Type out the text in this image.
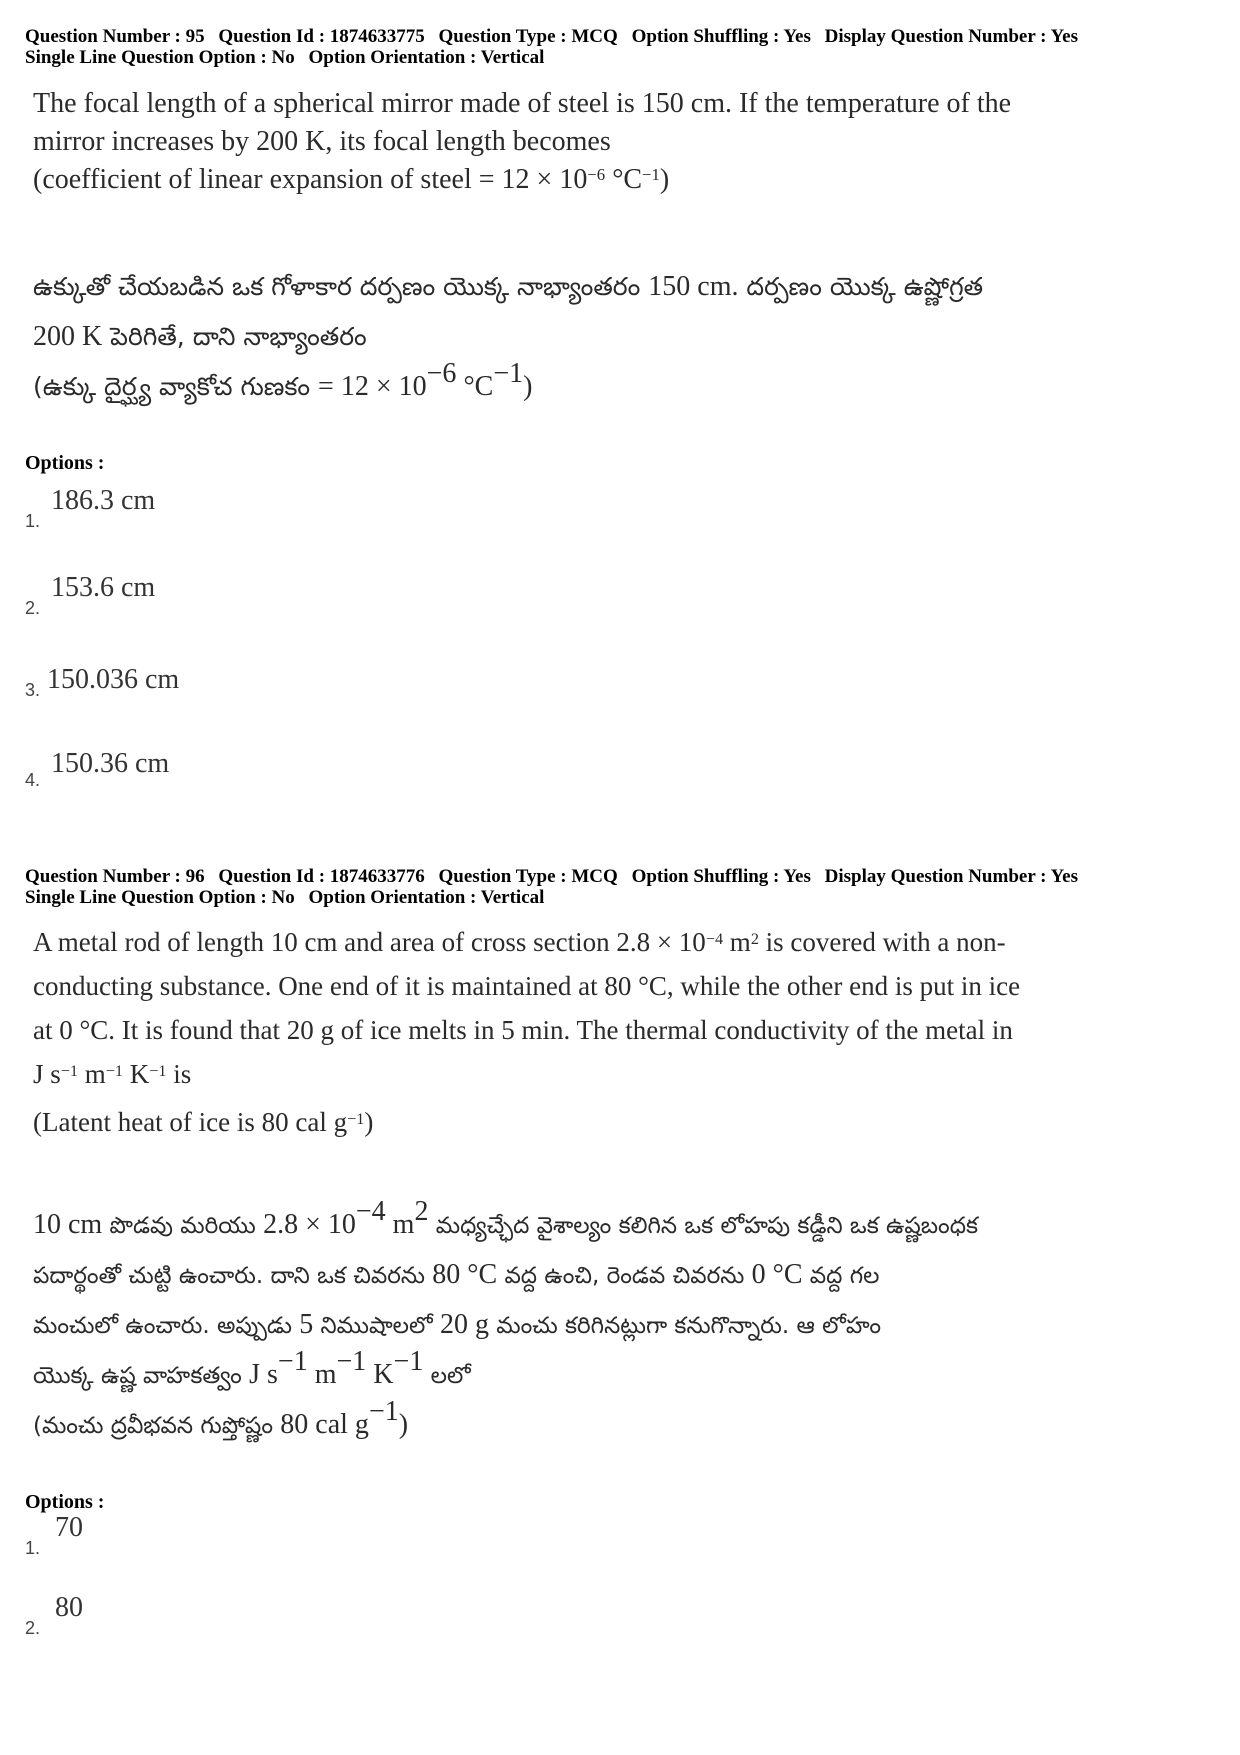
Question Number : 95 Question Id : 1874633775 Question Type : MCQ Option Shuffling : Yes Display Question Number : Yes
Single Line Question Option : No Option Orientation : Vertical
The focal length of a spherical mirror made of steel is 150 cm. If the temperature of the
mirror increases by 200 K, its focal length becomes
(coefficient of linear expansion of steel = $12 \times 10^{-6}$ $^\circ C^{-1}$)
ఉక్కుతో చేయబడిన ఒక గోళాకార దర్పణం యొక్క నాభ్యాంతరం 150 cm. దర్పణం యొక్క ఉష్ణోగ్రత
200 K పెరిగితే, దాని నాభ్యాంతరం
(ఉక్కు దైర్ఘ్య వ్యాకోచ గుణకం = $12 \times 10^{-6}$ $^\circ C^{-1}$)
Options :
1.
186.3 cm
2.
153.6 cm
3. 150.036 cm
4.
150.36 cm
Question Number : 96 Question Id : 1874633776 Question Type : MCQ Option Shuffling : Yes Display Question Number : Yes
Single Line Question Option : No Option Orientation : Vertical
A metal rod of length 10 cm and area of cross section $2.8 \times 10^{-4}$ $m^2$ is covered with a non-
conducting substance. One end of it is maintained at 80 °C, while the other end is put in ice
at 0 °C. It is found that 20 g of ice melts in 5 min. The thermal conductivity of the metal in
J $s^{-1}$ $m^{-1}$ $K^{-1}$ is
(Latent heat of ice is 80 cal $g^{-1}$)
10 cm పొడవు మరియు $2.8 \times 10^{-4}$ $m^2$ మధ్యచ్ఛేద వైశాల్యం కలిగిన ఒక లోహపు కడ్డీని ఒక ఉష్ణబంధక
పదార్థంతో చుట్టి ఉంచారు. దాని ఒక చివరను 80 °C వద్ద ఉంచి, రెండవ చివరను 0 °C వద్ద గల
మంచులో ఉంచారు. అప్పుడు 5 నిముషాలలో 20 g మంచు కరిగినట్లుగా కనుగొన్నారు. ఆ లోహం
యొక్క ఉష్ణ వాహకత్వం J $s^{-1}$ $m^{-1}$ $K^{-1}$ లలో
(మంచు ద్రవీభవన గుప్తోష్ణం 80 cal $g^{-1}$)
Options :
1.
70
2.
80
